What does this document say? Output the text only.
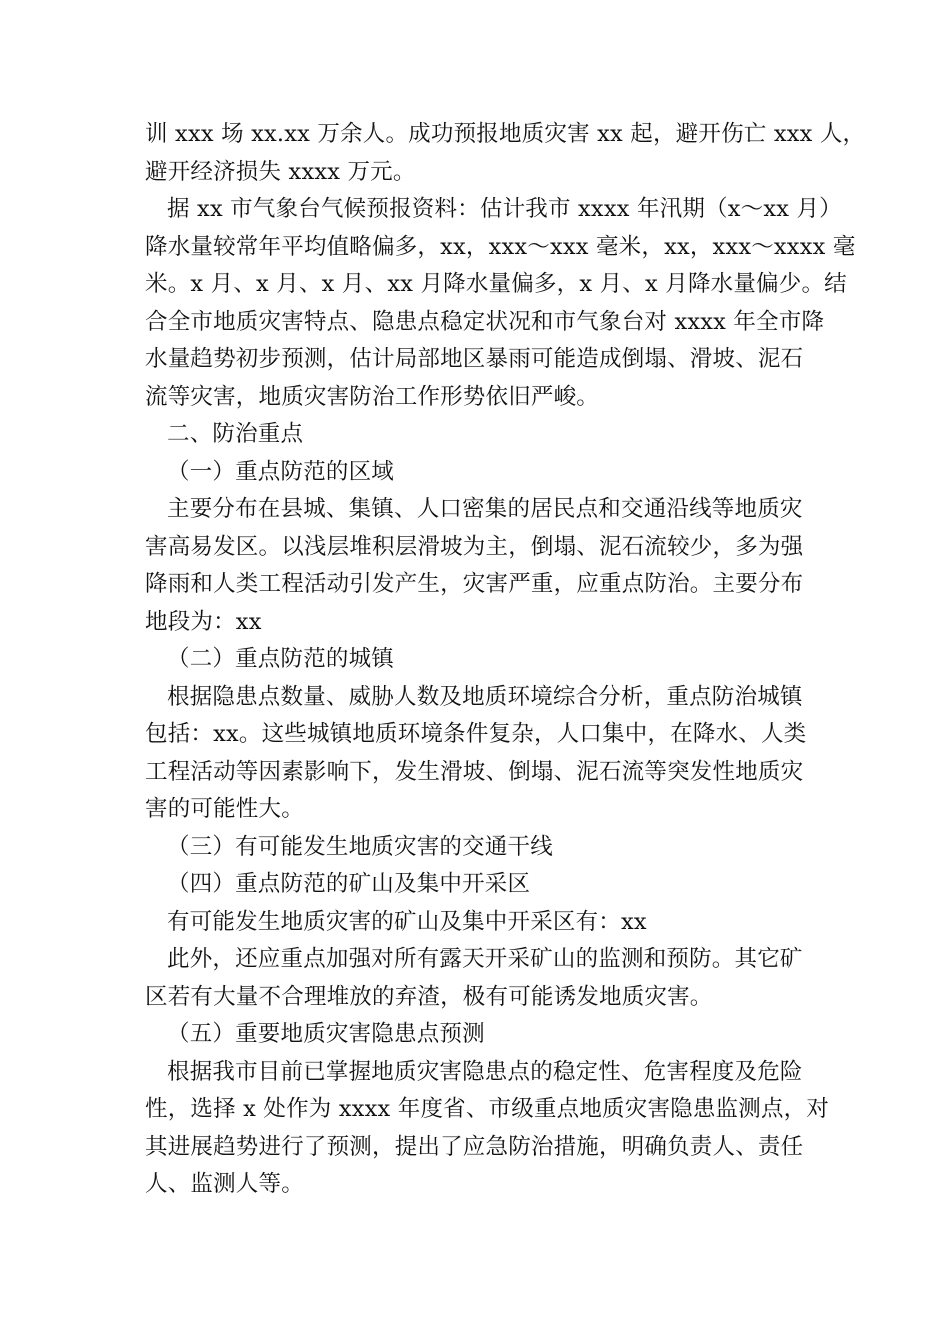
训 xxx 场 xx.xx 万余人。成功预报地质灾害 xx 起，避开伤亡 xxx 人，
避开经济损失 xxxx 万元。
据 xx 市气象台气候预报资料：估计我市 xxxx 年汛期（x～xx 月）
降水量较常年平均值略偏多，xx，xxx～xxx 毫米，xx，xxx～xxxx 毫
米。x 月、x 月、x 月、xx 月降水量偏多，x 月、x 月降水量偏少。结
合全市地质灾害特点、隐患点稳定状况和市气象台对 xxxx 年全市降
水量趋势初步预测，估计局部地区暴雨可能造成倒塌、滑坡、泥石
流等灾害，地质灾害防治工作形势依旧严峻。
二、防治重点
（一）重点防范的区域
主要分布在县城、集镇、人口密集的居民点和交通沿线等地质灾
害高易发区。以浅层堆积层滑坡为主，倒塌、泥石流较少，多为强
降雨和人类工程活动引发产生，灾害严重，应重点防治。主要分布
地段为：xx
（二）重点防范的城镇
根据隐患点数量、威胁人数及地质环境综合分析，重点防治城镇
包括：xx。这些城镇地质环境条件复杂，人口集中，在降水、人类
工程活动等因素影响下，发生滑坡、倒塌、泥石流等突发性地质灾
害的可能性大。
（三）有可能发生地质灾害的交通干线
（四）重点防范的矿山及集中开采区
有可能发生地质灾害的矿山及集中开采区有：xx
此外，还应重点加强对所有露天开采矿山的监测和预防。其它矿
区若有大量不合理堆放的弃渣，极有可能诱发地质灾害。
（五）重要地质灾害隐患点预测
根据我市目前已掌握地质灾害隐患点的稳定性、危害程度及危险
性，选择 x 处作为 xxxx 年度省、市级重点地质灾害隐患监测点，对
其进展趋势进行了预测，提出了应急防治措施，明确负责人、责任
人、监测人等。
